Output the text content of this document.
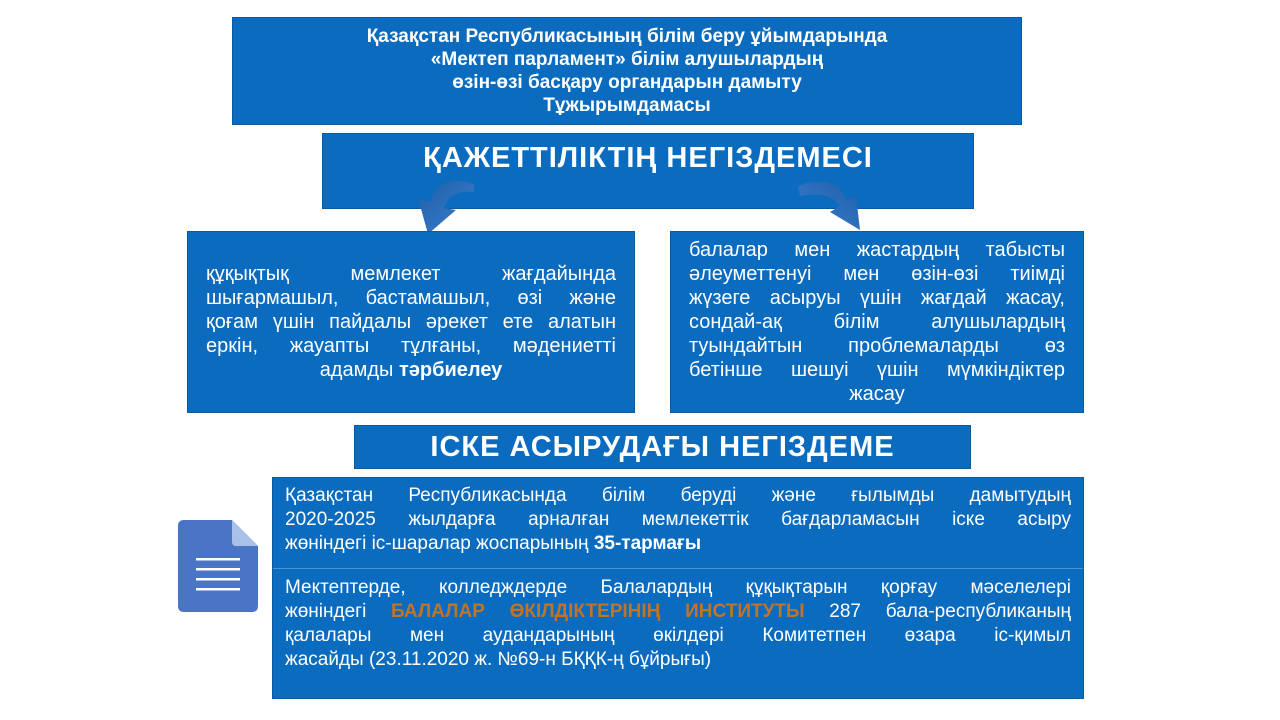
Қазақстан Республикасының білім беру ұйымдарында
«Мектеп парламент» білім алушылардың
өзін-өзі басқару органдарын дамыту
Тұжырымдамасы
ҚАЖЕТТІЛІКТІҢ НЕГІЗДЕМЕСІ
құқықтық мемлекет жағдайында
шығармашыл, бастамашыл, өзі және
қоғам үшін пайдалы әрекет ете алатын
еркін, жауапты тұлғаны, мәдениетті
адамды тәрбиелеу
балалар мен жастардың табысты
әлеуметтенуі мен өзін-өзі тиімді
жүзеге асыруы үшін жағдай жасау,
сондай-ақ білім алушылардың
туындайтын проблемаларды өз
бетінше шешуі үшін мүмкіндіктер
жасау
ІСКЕ АСЫРУДАҒЫ НЕГІЗДЕМЕ
Қазақстан Республикасында білім беруді және ғылымды дамытудың
2020-2025 жылдарға арналған мемлекеттік бағдарламасын іске асыру
жөніндегі іс-шаралар жоспарының 35-тармағы
Мектептерде, колледждерде Балалардың құқықтарын қорғау мәселелері
жөніндегі БАЛАЛАР ӨКІЛДІКТЕРІНІҢ ИНСТИТУТЫ 287 бала-республиканың
қалалары мен аудандарының өкілдері Комитетпен өзара іс-қимыл
жасайды (23.11.2020 ж. №69-н БҚҚК-ң бұйрығы)
